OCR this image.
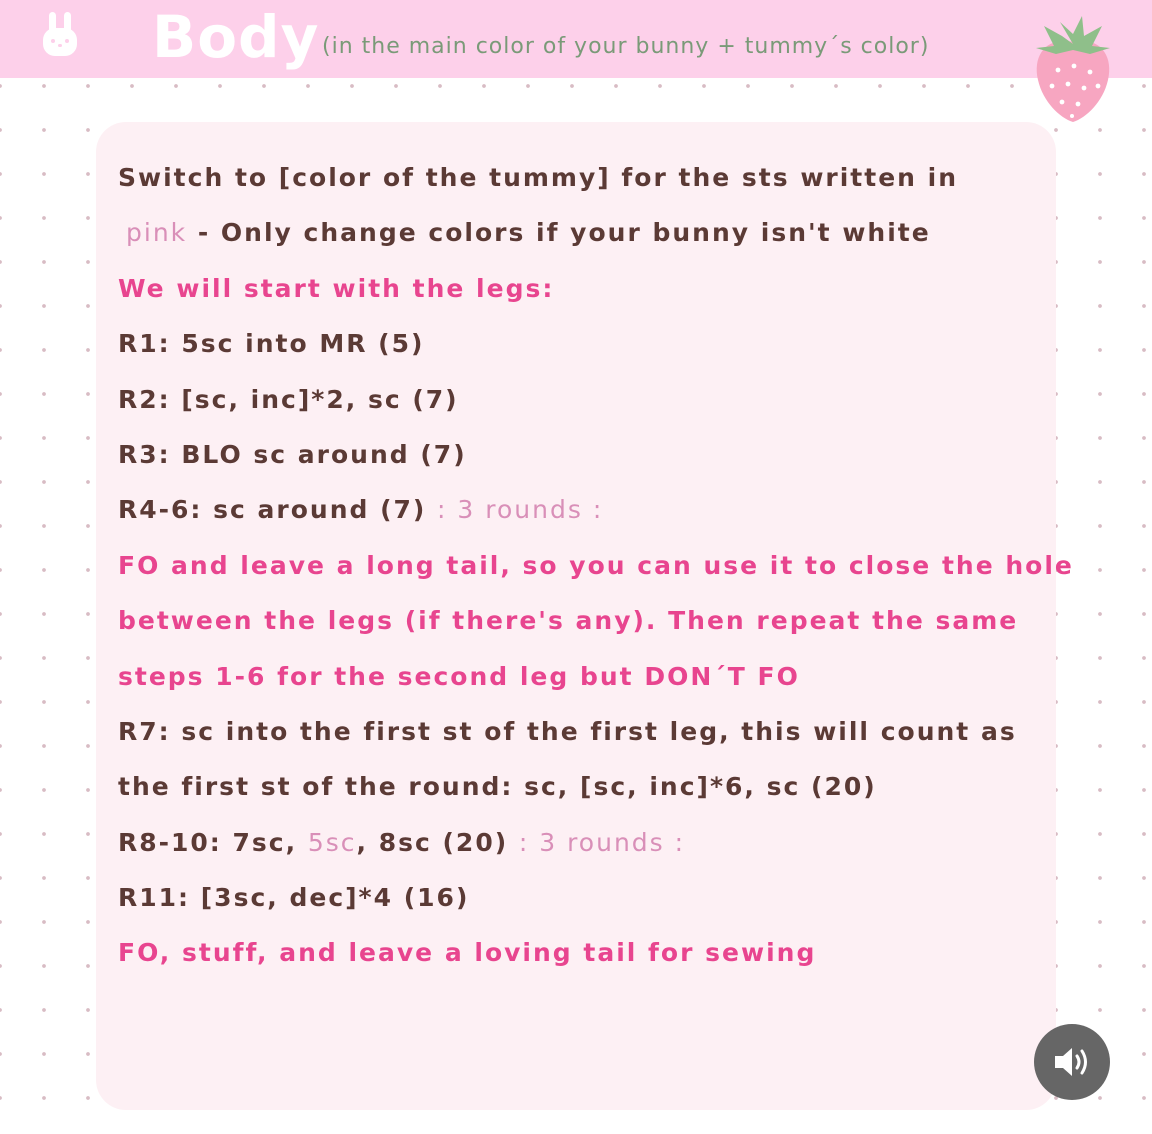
Body (in the main color of your bunny + tummy´s color)
Switch to [color of the tummy] for the sts written in
pink - Only change colors if your bunny isn't white
We will start with the legs:
R1: 5sc into MR (5)
R2: [sc, inc]*2, sc (7)
R3: BLO sc around (7)
R4-6: sc around (7) : 3 rounds :
FO and leave a long tail, so you can use it to close the hole
between the legs (if there's any). Then repeat the same
steps 1-6 for the second leg but DON´T FO
R7: sc into the first st of the first leg, this will count as
the first st of the round: sc, [sc, inc]*6, sc (20)
R8-10: 7sc, 5sc, 8sc (20) : 3 rounds :
R11: [3sc, dec]*4 (16)
FO, stuff, and leave a loving tail for sewing
